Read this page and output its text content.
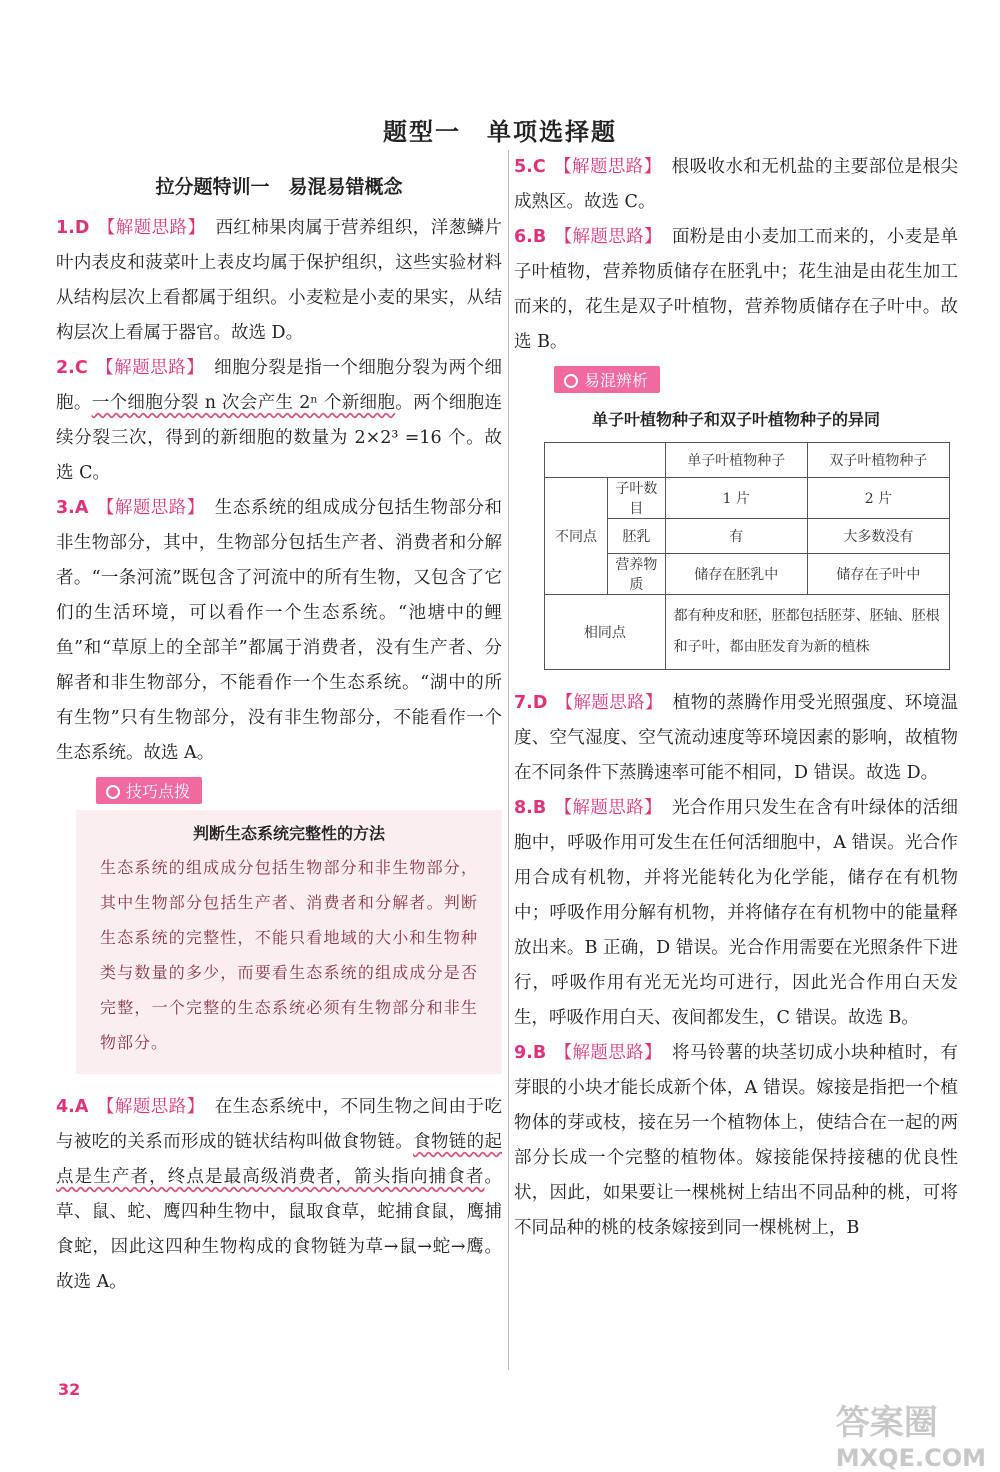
题型一　单项选择题
拉分题特训一　易混易错概念

1.D 【解题思路】 西红柿果肉属于营养组织，洋葱鳞片叶内表皮和菠菜叶上表皮均属于保护组织，这些实验材料从结构层次上看都属于组织。小麦粒是小麦的果实，从结构层次上看属于器官。故选 D。

2.C 【解题思路】 细胞分裂是指一个细胞分裂为两个细胞。一个细胞分裂 n 次会产生 2ⁿ 个新细胞。两个细胞连续分裂三次，得到的新细胞的数量为 2×2³ =16 个。故选 C。

3.A 【解题思路】 生态系统的组成成分包括生物部分和非生物部分，其中，生物部分包括生产者、消费者和分解者。“一条河流”既包含了河流中的所有生物，又包含了它们的生活环境，可以看作一个生态系统。“池塘中的鲤鱼”和“草原上的全部羊”都属于消费者，没有生产者、分解者和非生物部分，不能看作一个生态系统。“湖中的所有生物”只有生物部分，没有非生物部分，不能看作一个生态系统。故选 A。

技巧点拨
判断生态系统完整性的方法
生态系统的组成成分包括生物部分和非生物部分，其中生物部分包括生产者、消费者和分解者。判断生态系统的完整性，不能只看地域的大小和生物种类与数量的多少，而要看生态系统的组成成分是否完整，一个完整的生态系统必须有生物部分和非生物部分。

4.A 【解题思路】 在生态系统中，不同生物之间由于吃与被吃的关系而形成的链状结构叫做食物链。食物链的起点是生产者，终点是最高级消费者，箭头指向捕食者。草、鼠、蛇、鹰四种生物中，鼠取食草，蛇捕食鼠，鹰捕食蛇，因此这四种生物构成的食物链为草→鼠→蛇→鹰。故选 A。

5.C 【解题思路】 根吸收水和无机盐的主要部位是根尖成熟区。故选 C。

6.B 【解题思路】 面粉是由小麦加工而来的，小麦是单子叶植物，营养物质储存在胚乳中；花生油是由花生加工而来的，花生是双子叶植物，营养物质储存在子叶中。故选 B。

易混辨析
单子叶植物种子和双子叶植物种子的异同
		单子叶植物种子	双子叶植物种子
不同点	子叶数目	1 片	2 片
	胚乳	有	大多数没有
	营养物质	储存在胚乳中	储存在子叶中
相同点		都有种皮和胚，胚都包括胚芽、胚轴、胚根和子叶，都由胚发育为新的植株	

7.D 【解题思路】 植物的蒸腾作用受光照强度、环境温度、空气湿度、空气流动速度等环境因素的影响，故植物在不同条件下蒸腾速率可能不相同，D 错误。故选 D。

8.B 【解题思路】 光合作用只发生在含有叶绿体的活细胞中，呼吸作用可发生在任何活细胞中，A 错误。光合作用合成有机物，并将光能转化为化学能，储存在有机物中；呼吸作用分解有机物，并将储存在有机物中的能量释放出来。B 正确，D 错误。光合作用需要在光照条件下进行，呼吸作用有光无光均可进行，因此光合作用白天发生，呼吸作用白天、夜间都发生，C 错误。故选 B。

9.B 【解题思路】 将马铃薯的块茎切成小块种植时，有芽眼的小块才能长成新个体，A 错误。嫁接是指把一个植物体的芽或枝，接在另一个植物体上，使结合在一起的两部分长成一个完整的植物体。嫁接能保持接穗的优良性状，因此，如果要让一棵桃树上结出不同品种的桃，可将不同品种的桃的枝条嫁接到同一棵桃树上，B

32
答案圈
MXQE.COM
